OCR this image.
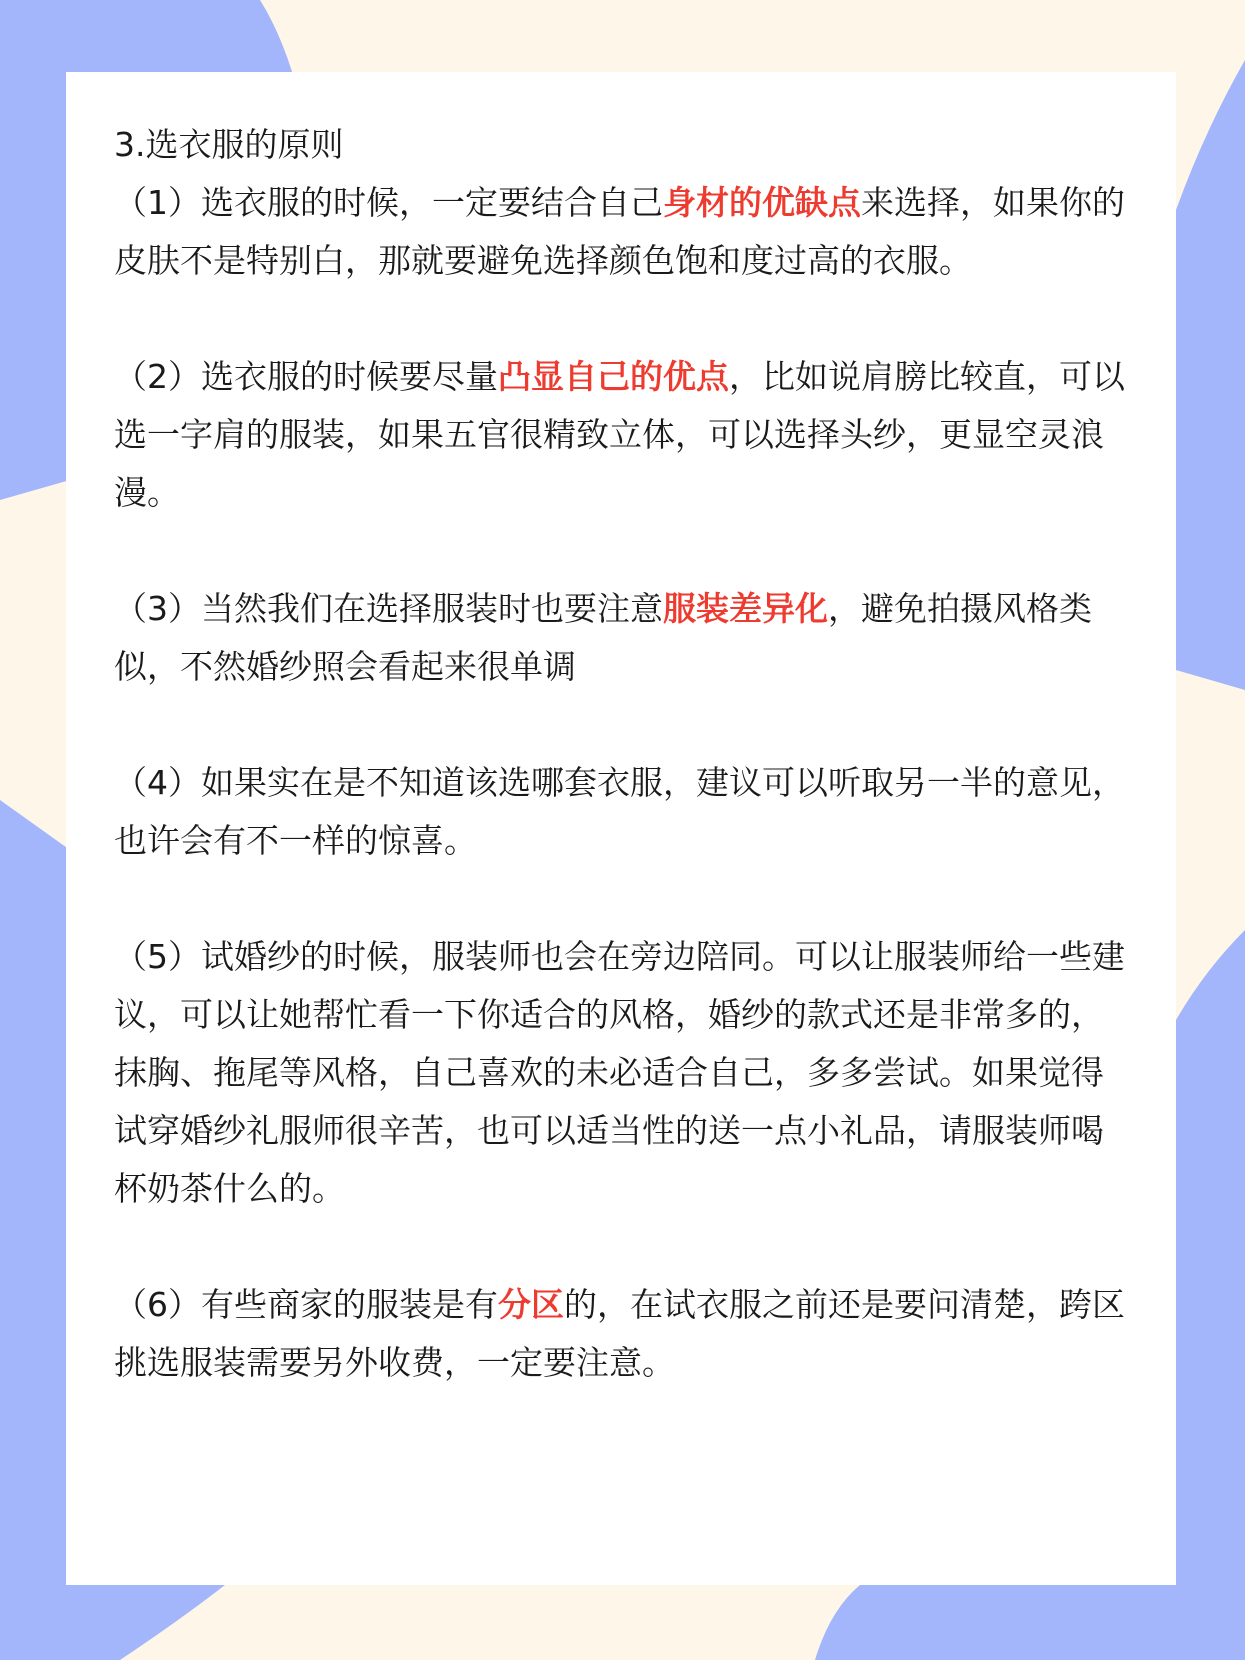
3.选衣服的原则

（1）选衣服的时候，一定要结合自己身材的优缺点来选择，如果你的皮肤不是特别白，那就要避免选择颜色饱和度过高的衣服。

（2）选衣服的时候要尽量凸显自己的优点，比如说肩膀比较直，可以选一字肩的服装，如果五官很精致立体，可以选择头纱，更显空灵浪漫。

（3）当然我们在选择服装时也要注意服装差异化，避免拍摄风格类似，不然婚纱照会看起来很单调

（4）如果实在是不知道该选哪套衣服，建议可以听取另一半的意见，也许会有不一样的惊喜。

（5）试婚纱的时候，服装师也会在旁边陪同。可以让服装师给一些建议，可以让她帮忙看一下你适合的风格，婚纱的款式还是非常多的，抹胸、拖尾等风格，自己喜欢的未必适合自己，多多尝试。如果觉得试穿婚纱礼服师很辛苦，也可以适当性的送一点小礼品，请服装师喝杯奶茶什么的。

（6）有些商家的服装是有分区的，在试衣服之前还是要问清楚，跨区挑选服装需要另外收费，一定要注意。
